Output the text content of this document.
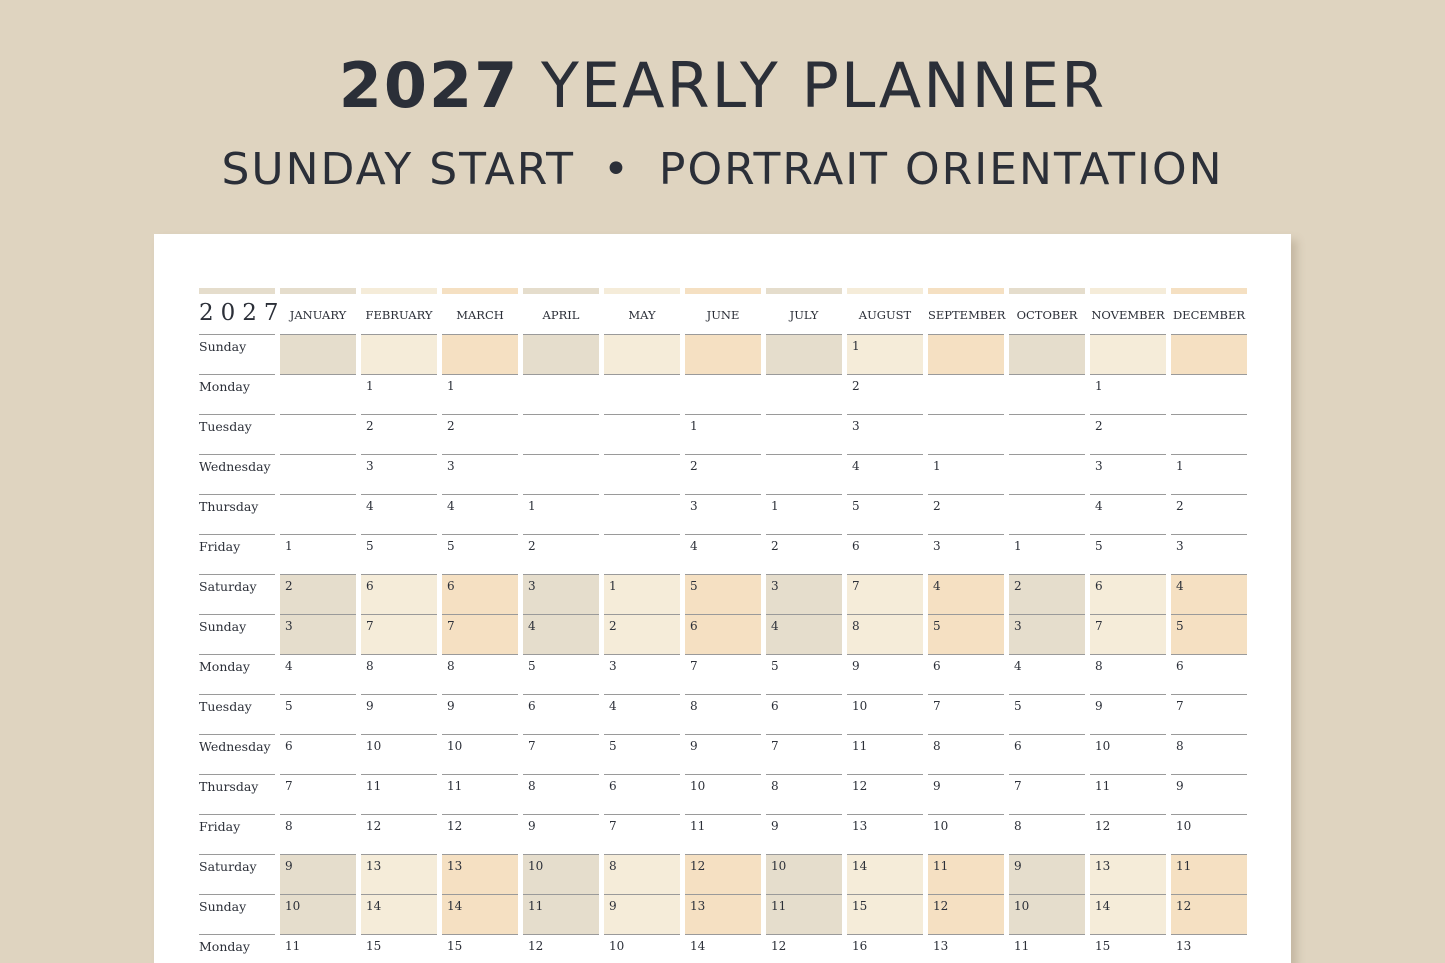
2027 YEARLY PLANNER
SUNDAY START • PORTRAIT ORIENTATION
2027 JANUARY
1
2
3
4
5
6
7
8
9
10
11
FEBRUARY
1
2
3
4
5
6
7
8
9
10
11
12
13
14
15
MARCH
1
2
3
4
5
6
7
8
9
10
11
12
13
14
15
APRIL
1
2
3
4
5
6
7
8
9
10
11
12
MAY
1
2
3
4
5
6
7
8
9
10
JUNE
1
2
3
4
5
6
7
8
9
10
11
12
13
14
JULY
1
2
3
4
5
6
7
8
9
10
11
12
AUGUST
1
2
3
4
5
6
7
8
9
10
11
12
13
14
15
16
SEPTEMBER
1
2
3
4
5
6
7
8
9
10
11
12
13
OCTOBER
1
2
3
4
5
6
7
8
9
10
11
NOVEMBER
1
2
3
4
5
6
7
8
9
10
11
12
13
14
15
DECEMBER
1
2
3
4
5
6
7
8
9
10
11
12
13
Sunday
Monday
Tuesday
Wednesday
Thursday
Friday
Saturday
Sunday
Monday
Tuesday
Wednesday
Thursday
Friday
Saturday
Sunday
Monday
